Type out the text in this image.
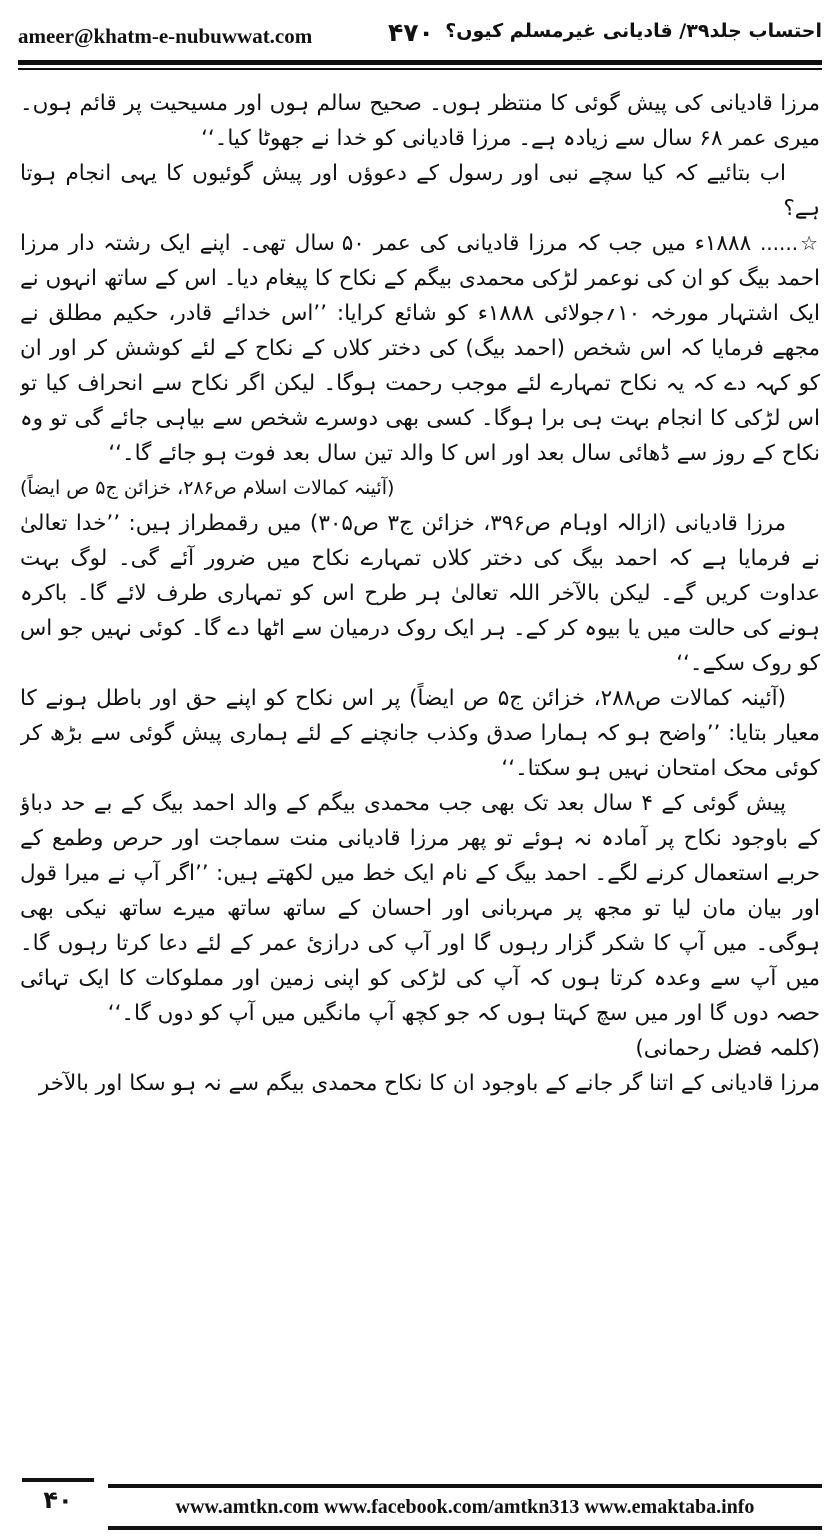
ameer@khatm-e-nubuwwat.com	۴۷۰ احتساب جلد۳۹/ قادیانی غیرمسلم کیوں؟

مرزا قادیانی کی پیش گوئی کا منتظر ہوں۔ صحیح سالم ہوں اور مسیحیت پر قائم ہوں۔ میری عمر ۶۸ سال سے زیادہ ہے۔ مرزا قادیانی کو خدا نے جھوٹا کیا۔‘‘

اب بتائیے کہ کیا سچے نبی اور رسول کے دعوؤں اور پیش گوئیوں کا یہی انجام ہوتا ہے؟

☆...... ۱۸۸۸ء میں جب کہ مرزا قادیانی کی عمر ۵۰ سال تھی۔ اپنے ایک رشتہ دار مرزا احمد بیگ کو ان کی نوعمر لڑکی محمدی بیگم کے نکاح کا پیغام دیا۔ اس کے ساتھ انہوں نے ایک اشتہار مورخہ ۱۰؍جولائی ۱۸۸۸ء کو شائع کرایا: ’’اس خدائے قادر، حکیم مطلق نے مجھے فرمایا کہ اس شخص (احمد بیگ) کی دختر کلاں کے نکاح کے لئے کوشش کر اور ان کو کہہ دے کہ یہ نکاح تمہارے لئے موجب رحمت ہوگا۔ لیکن اگر نکاح سے انحراف کیا تو اس لڑکی کا انجام بہت ہی برا ہوگا۔ کسی بھی دوسرے شخص سے بیاہی جائے گی تو وہ نکاح کے روز سے ڈھائی سال بعد اور اس کا والد تین سال بعد فوت ہو جائے گا۔‘‘

(آئینہ کمالات اسلام ص۲۸۶، خزائن ج۵ ص ایضاً)

مرزا قادیانی (ازالہ اوہام ص۳۹۶، خزائن ج۳ ص۳۰۵) میں رقمطراز ہیں: ’’خدا تعالیٰ نے فرمایا ہے کہ احمد بیگ کی دختر کلاں تمہارے نکاح میں ضرور آئے گی۔ لوگ بہت عداوت کریں گے۔ لیکن بالآخر اللہ تعالیٰ ہر طرح اس کو تمہاری طرف لائے گا۔ باکرہ ہونے کی حالت میں یا بیوہ کر کے۔ ہر ایک روک درمیان سے اٹھا دے گا۔ کوئی نہیں جو اس کو روک سکے۔‘‘

(آئینہ کمالات ص۲۸۸، خزائن ج۵ ص ایضاً) پر اس نکاح کو اپنے حق اور باطل ہونے کا معیار بتایا: ’’واضح ہو کہ ہمارا صدق وکذب جانچنے کے لئے ہماری پیش گوئی سے بڑھ کر کوئی محک امتحان نہیں ہو سکتا۔‘‘

پیش گوئی کے ۴ سال بعد تک بھی جب محمدی بیگم کے والد احمد بیگ کے بے حد دباؤ کے باوجود نکاح پر آمادہ نہ ہوئے تو پھر مرزا قادیانی منت سماجت اور حرص وطمع کے حربے استعمال کرنے لگے۔ احمد بیگ کے نام ایک خط میں لکھتے ہیں: ’’اگر آپ نے میرا قول اور بیان مان لیا تو مجھ پر مہربانی اور احسان کے ساتھ ساتھ میرے ساتھ نیکی بھی ہوگی۔ میں آپ کا شکر گزار رہوں گا اور آپ کی درازیٔ عمر کے لئے دعا کرتا رہوں گا۔ میں آپ سے وعدہ کرتا ہوں کہ آپ کی لڑکی کو اپنی زمین اور مملوکات کا ایک تہائی حصہ دوں گا اور میں سچ کہتا ہوں کہ جو کچھ آپ مانگیں میں آپ کو دوں گا۔‘‘

(کلمہ فضل رحمانی)

مرزا قادیانی کے اتنا گر جانے کے باوجود ان کا نکاح محمدی بیگم سے نہ ہو سکا اور بالآخر

۴۰	www.amtkn.com www.facebook.com/amtkn313 www.emaktaba.info
